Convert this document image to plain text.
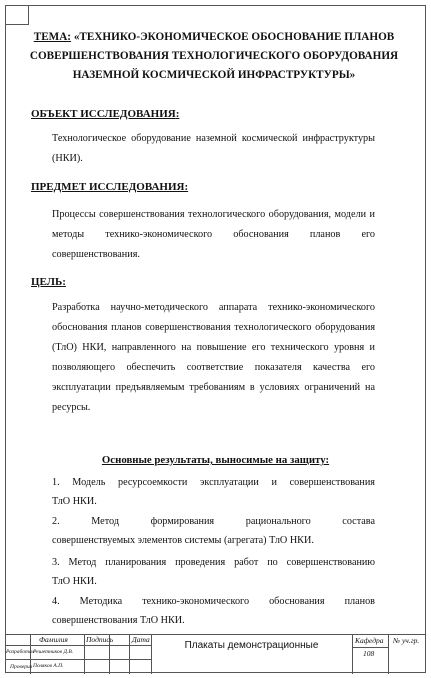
ТЕМА: «ТЕХНИКО-ЭКОНОМИЧЕСКОЕ ОБОСНОВАНИЕ ПЛАНОВ СОВЕРШЕНСТВОВАНИЯ ТЕХНОЛОГИЧЕСКОГО ОБОРУДОВАНИЯ НАЗЕМНОЙ КОСМИЧЕСКОЙ ИНФРАСТРУКТУРЫ»
ОБЪЕКТ ИССЛЕДОВАНИЯ:
Технологическое оборудование наземной космической инфраструктуры (НКИ).
ПРЕДМЕТ ИССЛЕДОВАНИЯ:
Процессы совершенствования технологического оборудования, модели и методы технико-экономического обоснования планов его совершенствования.
ЦЕЛЬ:
Разработка научно-методического аппарата технико-экономического обоснования планов совершенствования технологического оборудования (ТлО) НКИ, направленного на повышение его технического уровня и позволяющего обеспечить соответствие показателя качества его эксплуатации предъявляемым требованиям в условиях ограничений на ресурсы.
Основные результаты, выносимые на защиту:
1. Модель ресурсоемкости эксплуатации и совершенствования
ТлО НКИ.
2. Метод формирования рационального состава
совершенствуемых элементов системы (агрегата) ТлО НКИ.
3. Метод планирования проведения работ по совершенствованию
ТлО НКИ.
4. Методика технико-экономического обоснования планов
совершенствования ТлО НКИ.
Фамилия Подпись	Дата
Разработал
Решетников Д.В.
Проверил Поляков А.П.
Плакаты демонстрационные	Кафедра
108
№ уч.гр.
